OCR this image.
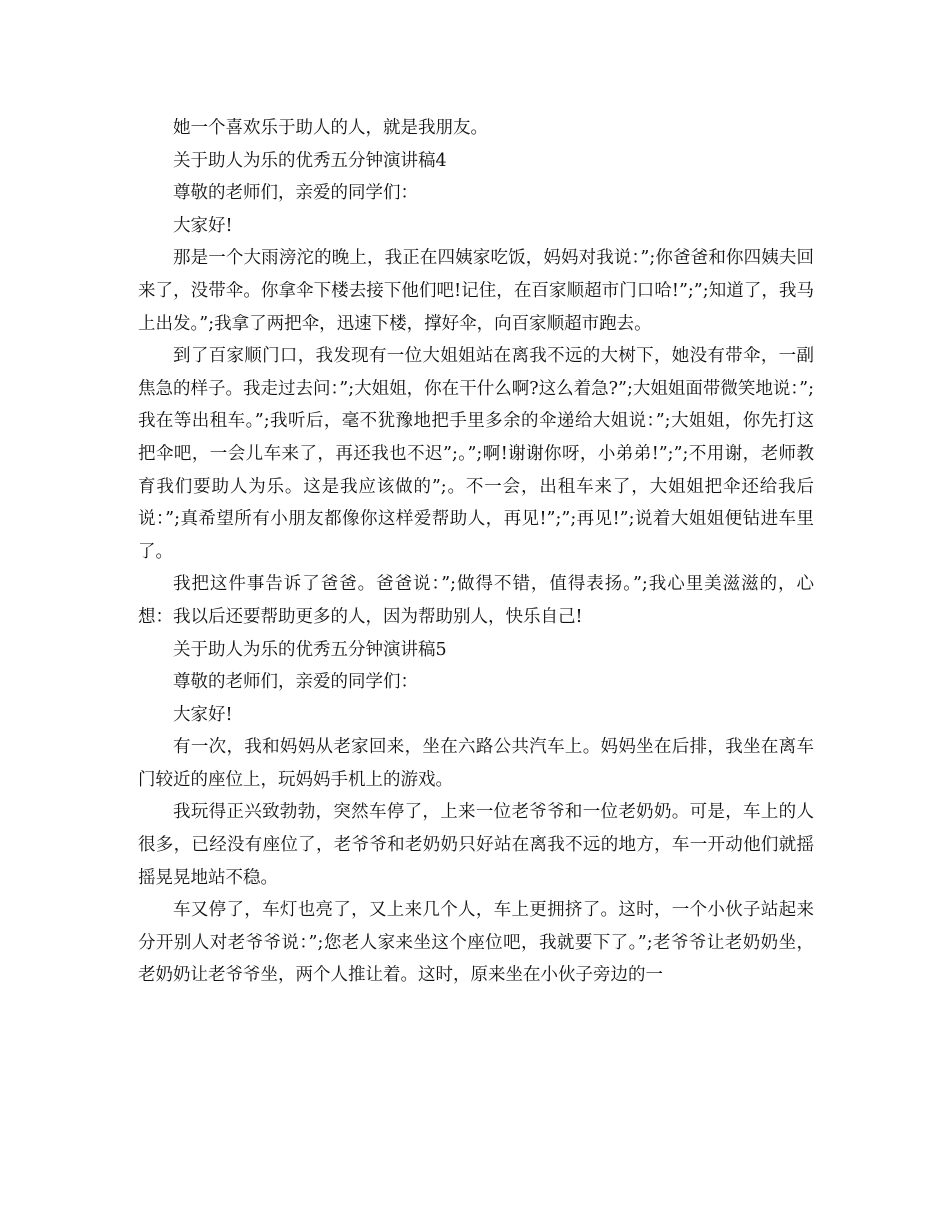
她一个喜欢乐于助人的人，就是我朋友。

关于助人为乐的优秀五分钟演讲稿4

尊敬的老师们，亲爱的同学们：

大家好!

那是一个大雨滂沱的晚上，我正在四姨家吃饭，妈妈对我说：”;你爸爸和你四姨夫回来了，没带伞。你拿伞下楼去接下他们吧!记住，在百家顺超市门口哈!”;”;知道了，我马上出发。”;我拿了两把伞，迅速下楼，撑好伞，向百家顺超市跑去。

到了百家顺门口，我发现有一位大姐姐站在离我不远的大树下，她没有带伞，一副焦急的样子。我走过去问：”;大姐姐，你在干什么啊?这么着急?”;大姐姐面带微笑地说：”;我在等出租车。”;我听后，毫不犹豫地把手里多余的伞递给大姐说：”;大姐姐，你先打这把伞吧，一会儿车来了，再还我也不迟”;。”;啊!谢谢你呀，小弟弟!”;”;不用谢，老师教育我们要助人为乐。这是我应该做的”;。不一会，出租车来了，大姐姐把伞还给我后说：”;真希望所有小朋友都像你这样爱帮助人，再见!”;”;再见!”;说着大姐姐便钻进车里了。

我把这件事告诉了爸爸。爸爸说：”;做得不错，值得表扬。”;我心里美滋滋的，心想：我以后还要帮助更多的人，因为帮助别人，快乐自己!

关于助人为乐的优秀五分钟演讲稿5

尊敬的老师们，亲爱的同学们：

大家好!

有一次，我和妈妈从老家回来，坐在六路公共汽车上。妈妈坐在后排，我坐在离车门较近的座位上，玩妈妈手机上的游戏。

我玩得正兴致勃勃，突然车停了，上来一位老爷爷和一位老奶奶。可是，车上的人很多，已经没有座位了，老爷爷和老奶奶只好站在离我不远的地方，车一开动他们就摇摇晃晃地站不稳。

车又停了，车灯也亮了，又上来几个人，车上更拥挤了。这时，一个小伙子站起来分开别人对老爷爷说：”;您老人家来坐这个座位吧，我就要下了。”;老爷爷让老奶奶坐，老奶奶让老爷爷坐，两个人推让着。这时，原来坐在小伙子旁边的一
